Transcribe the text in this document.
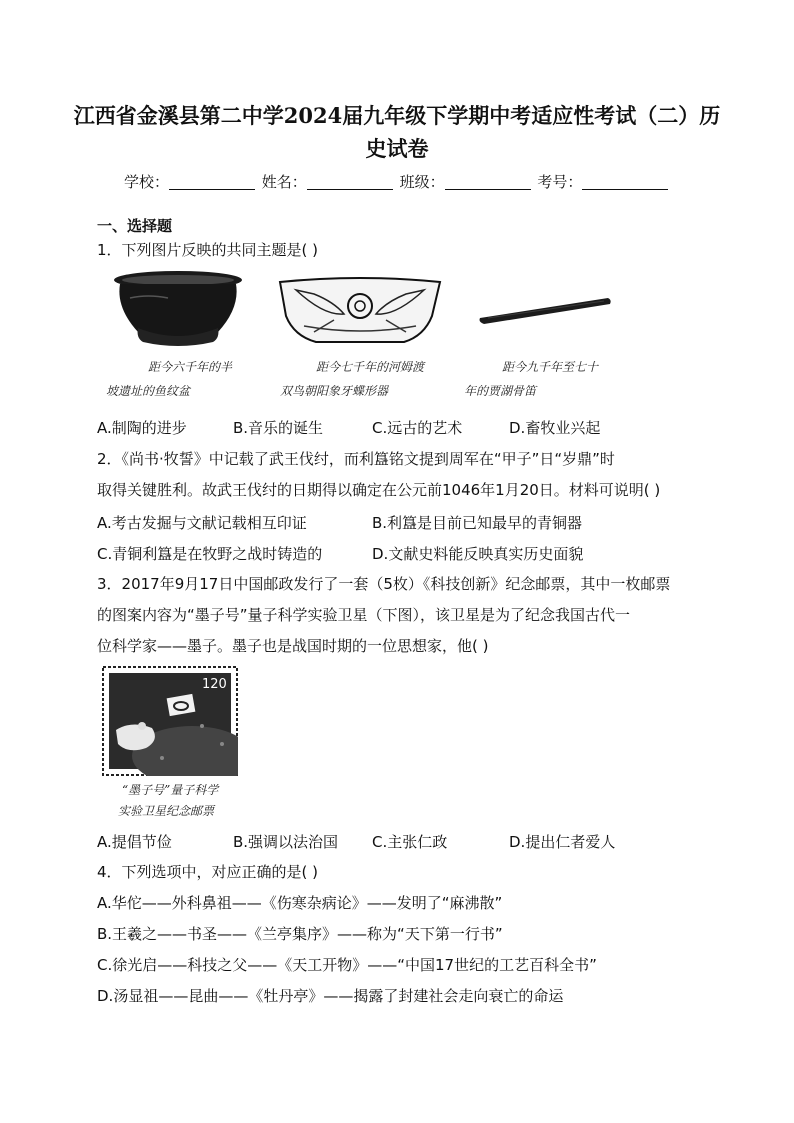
江西省金溪县第二中学2024届九年级下学期中考适应性考试（二）历
史试卷
学校：	姓名：	班级：	考号：
一、选择题
1．下列图片反映的共同主题是( )
距今六千年的半
坡遗址的鱼纹盆
距今七千年的河姆渡
双鸟朝阳象牙蝶形器
距今九千年至七十
年的贾湖骨笛
A.制陶的进步	B.音乐的诞生	C.远古的艺术	D.畜牧业兴起
2．《尚书·牧誓》中记载了武王伐纣，而利簋铭文提到周军在“甲子”日“岁鼎”时
取得关键胜利。故武王伐纣的日期得以确定在公元前1046年1月20日。材料可说明( )
A.考古发掘与文献记载相互印证	B.利簋是目前已知最早的青铜器
C.青铜利簋是在牧野之战时铸造的	D.文献史料能反映真实历史面貌
3．2017年9月17日中国邮政发行了一套（5枚）《科技创新》纪念邮票，其中一枚邮票
的图案内容为“墨子号”量子科学实验卫星（下图），该卫星是为了纪念我国古代一
位科学家——墨子。墨子也是战国时期的一位思想家，他( )
120
“墨子号”量子科学
实验卫星纪念邮票
A.提倡节俭	B.强调以法治国 C.主张仁政	D.提出仁者爱人
4．下列选项中，对应正确的是( )
A.华佗——外科鼻祖——《伤寒杂病论》——发明了“麻沸散”
B.王羲之——书圣——《兰亭集序》——称为“天下第一行书”
C.徐光启——科技之父——《天工开物》——“中国17世纪的工艺百科全书”
D.汤显祖——昆曲——《牡丹亭》——揭露了封建社会走向衰亡的命运
